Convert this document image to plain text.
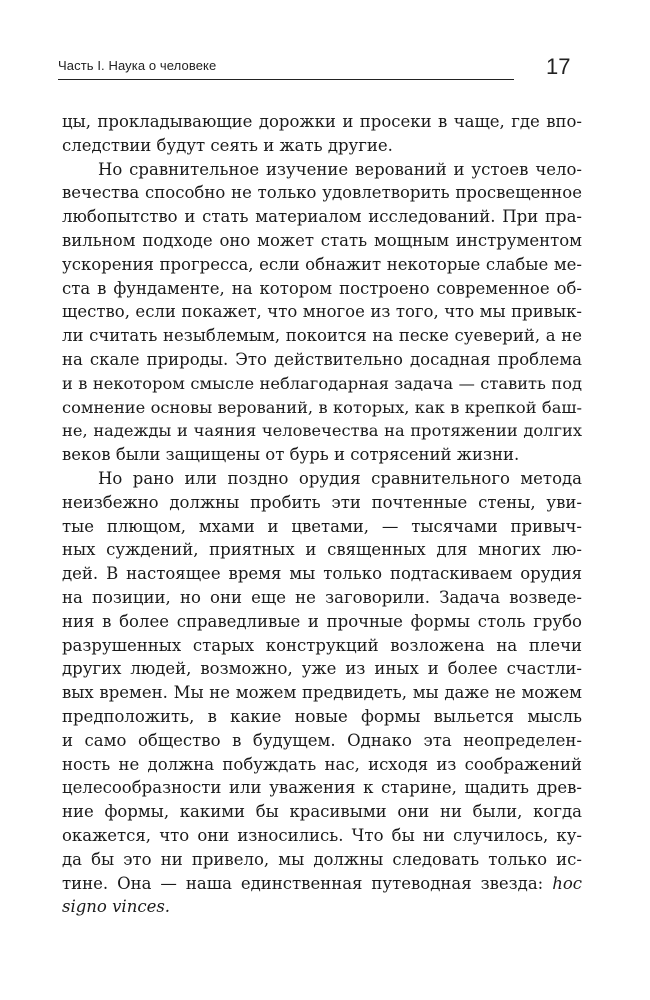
Часть I. Наука о человеке	17
цы, прокладывающие дорожки и просеки в чаще, где впо-
следствии будут сеять и жать другие.
Но сравнительное изучение верований и устоев чело-
вечества способно не только удовлетворить просвещенное
любопытство и стать материалом исследований. При пра-
вильном подходе оно может стать мощным инструментом
ускорения прогресса, если обнажит некоторые слабые ме-
ста в фундаменте, на котором построено современное об-
щество, если покажет, что многое из того, что мы привык-
ли считать незыблемым, покоится на песке суеверий, а не
на скале природы. Это действительно досадная проблема
и в некотором смысле неблагодарная задача — ставить под
сомнение основы верований, в которых, как в крепкой баш-
не, надежды и чаяния человечества на протяжении долгих
веков были защищены от бурь и сотрясений жизни.
Но рано или поздно орудия сравнительного метода
неизбежно должны пробить эти почтенные стены, уви-
тые плющом, мхами и цветами, — тысячами привыч-
ных суждений, приятных и священных для многих лю-
дей. В настоящее время мы только подтаскиваем орудия
на позиции, но они еще не заговорили. Задача возведе-
ния в более справедливые и прочные формы столь грубо
разрушенных старых конструкций возложена на плечи
других людей, возможно, уже из иных и более счастли-
вых времен. Мы не можем предвидеть, мы даже не можем
предположить, в какие новые формы выльется мысль
и само общество в будущем. Однако эта неопределен-
ность не должна побуждать нас, исходя из соображений
целесообразности или уважения к старине, щадить древ-
ние формы, какими бы красивыми они ни были, когда
окажется, что они износились. Что бы ни случилось, ку-
да бы это ни привело, мы должны следовать только ис-
тине. Она — наша единственная путеводная звезда: hoc
signo vinces.
